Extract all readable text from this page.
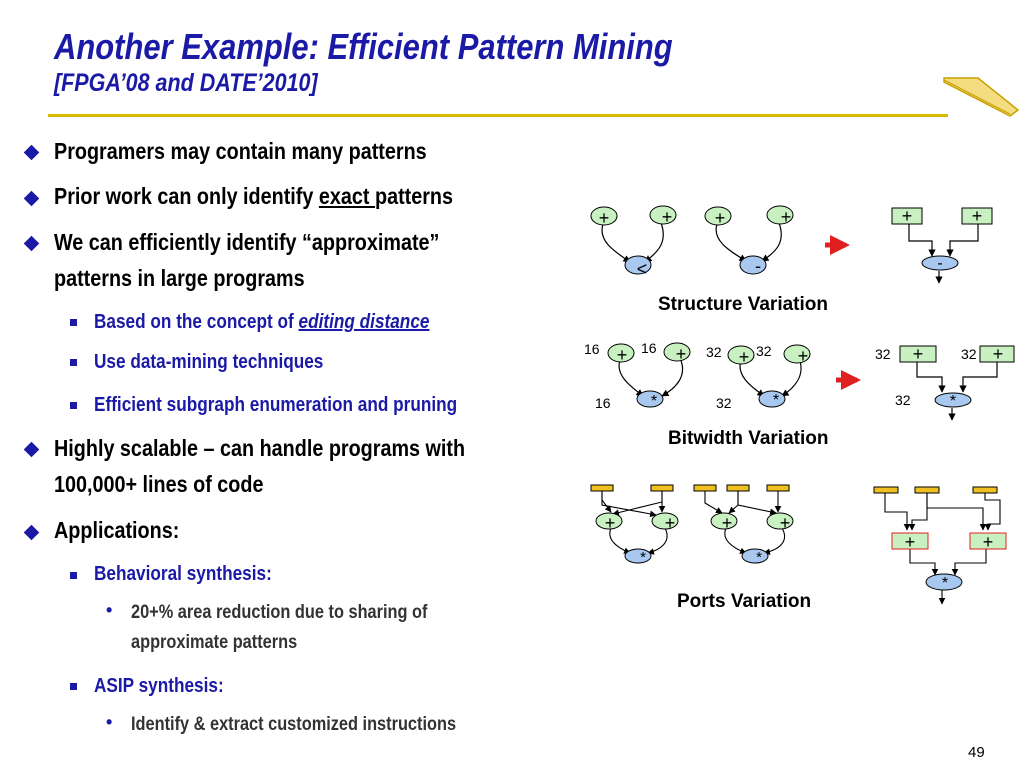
Another Example: Efficient Pattern Mining
[FPGA’08 and DATE’2010]
Programers may contain many patterns
Prior work can only identify exact patterns
We can efficiently identify “approximate”
patterns in large programs
Based on the concept of editing distance
Use data-mining techniques
Efficient subgraph enumeration and pruning
Highly scalable – can handle programs with
100,000+ lines of code
Applications:
Behavioral synthesis:
• 20+% area reduction due to sharing of
approximate patterns
ASIP synthesis:
• Identify & extract customized instructions
49
+	+
<
+	+
-
+	+
-
Structure Variation
+	+
*
+	+
*
16	16
16
32 32
32
+	+
*
32	32
32
Bitwidth Variation
+	+
*
+	+
*
+	+
*
Ports Variation
